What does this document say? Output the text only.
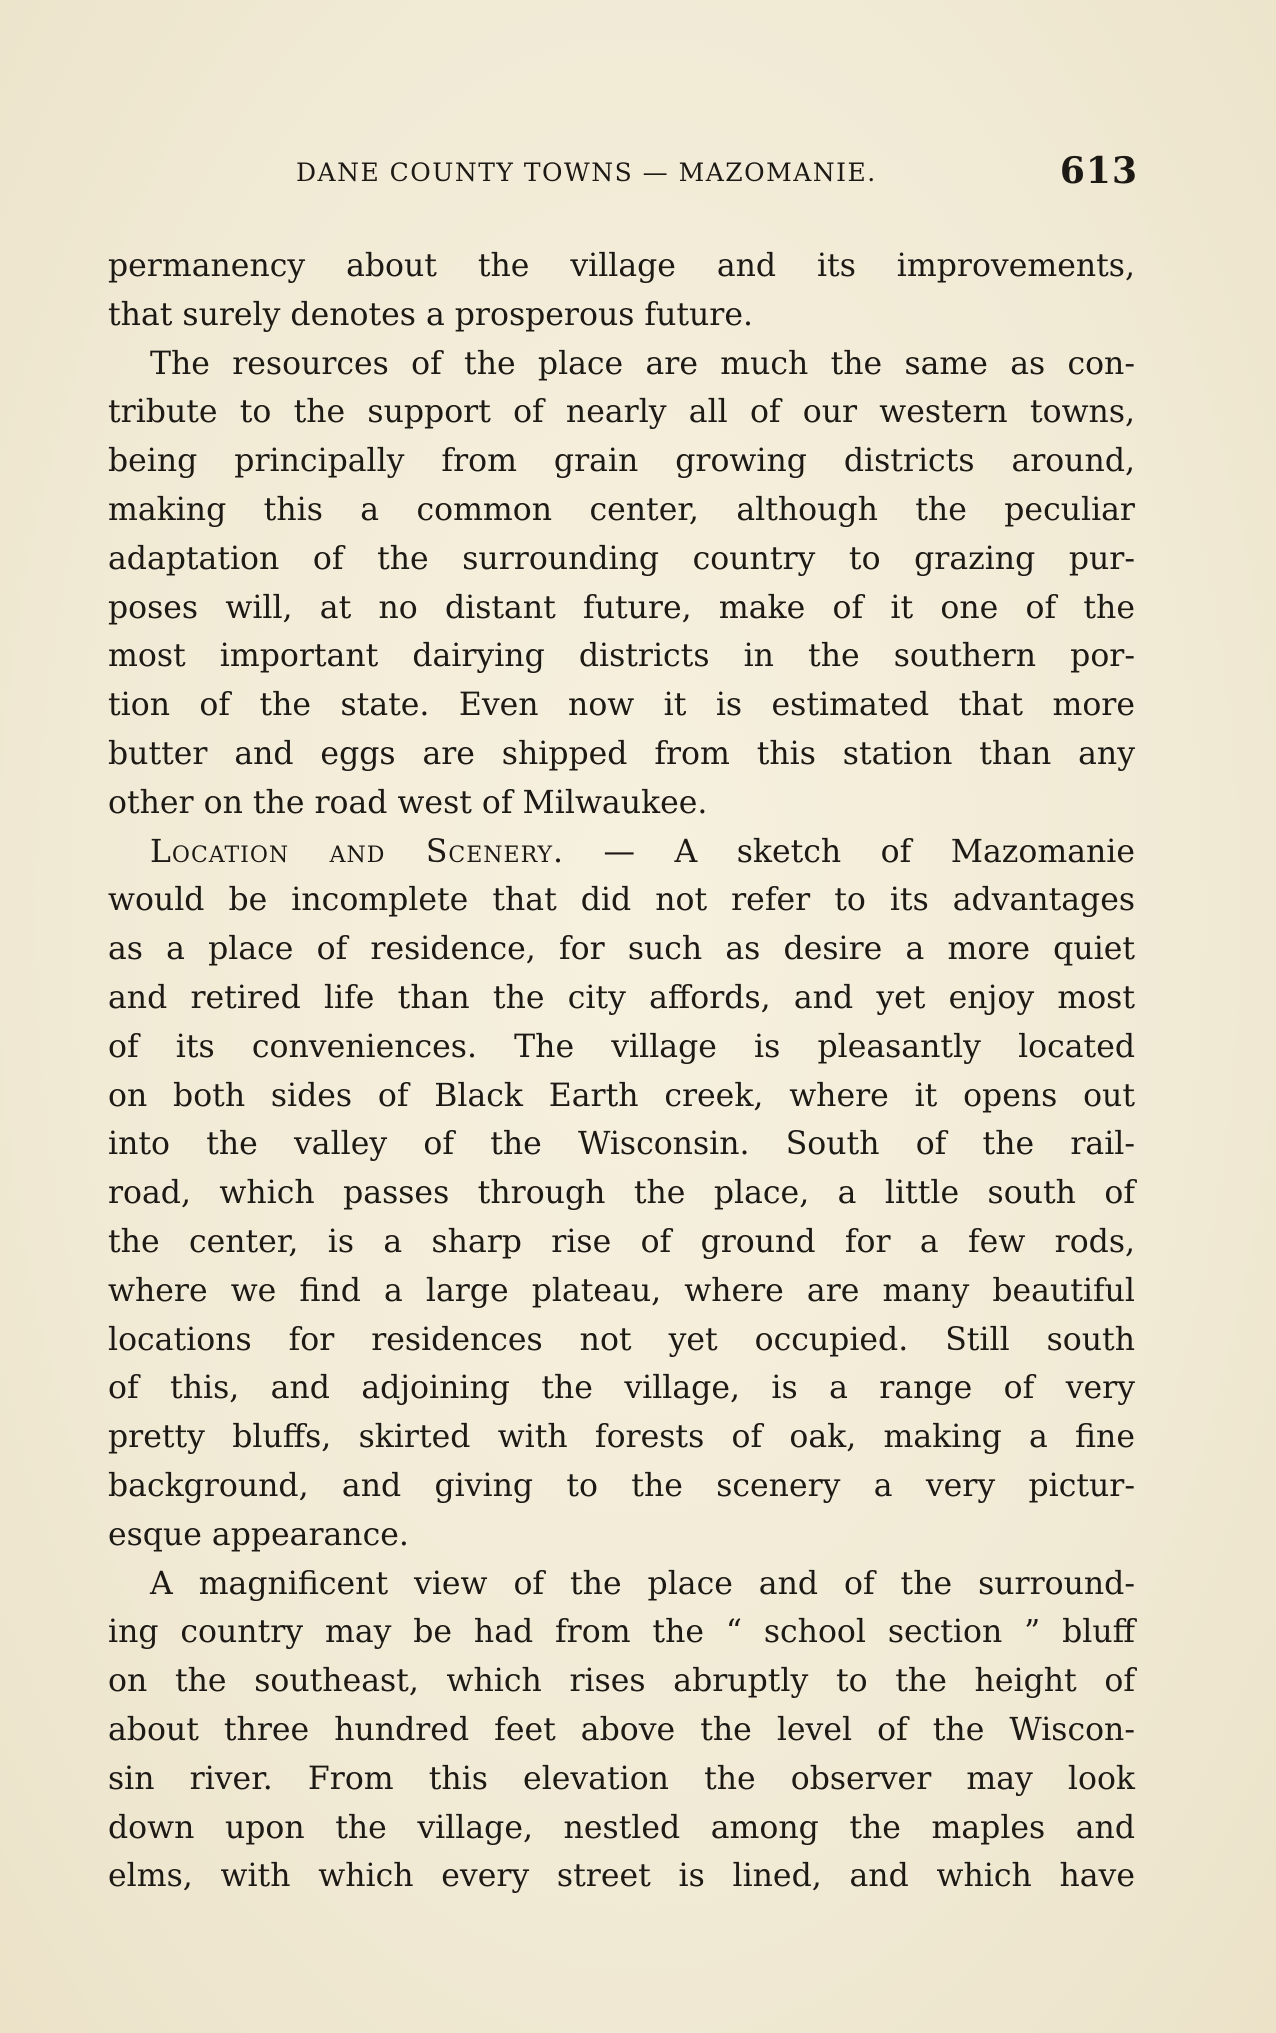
DANE COUNTY TOWNS — MAZOMANIE.	613
permanency about the village and its improvements,
that surely denotes a prosperous future.
The resources of the place are much the same as con-
tribute to the support of nearly all of our western towns,
being principally from grain growing districts around,
making this a common center, although the peculiar
adaptation of the surrounding country to grazing pur-
poses will, at no distant future, make of it one of the
most important dairying districts in the southern por-
tion of the state. Even now it is estimated that more
butter and eggs are shipped from this station than any
other on the road west of Milwaukee.
Location and Scenery. — A sketch of Mazomanie
would be incomplete that did not refer to its advantages
as a place of residence, for such as desire a more quiet
and retired life than the city affords, and yet enjoy most
of its conveniences. The village is pleasantly located
on both sides of Black Earth creek, where it opens out
into the valley of the Wisconsin. South of the rail-
road, which passes through the place, a little south of
the center, is a sharp rise of ground for a few rods,
where we find a large plateau, where are many beautiful
locations for residences not yet occupied. Still south
of this, and adjoining the village, is a range of very
pretty bluffs, skirted with forests of oak, making a fine
background, and giving to the scenery a very pictur-
esque appearance.
A magnificent view of the place and of the surround-
ing country may be had from the “ school section ” bluff
on the southeast, which rises abruptly to the height of
about three hundred feet above the level of the Wiscon-
sin river. From this elevation the observer may look
down upon the village, nestled among the maples and
elms, with which every street is lined, and which have
